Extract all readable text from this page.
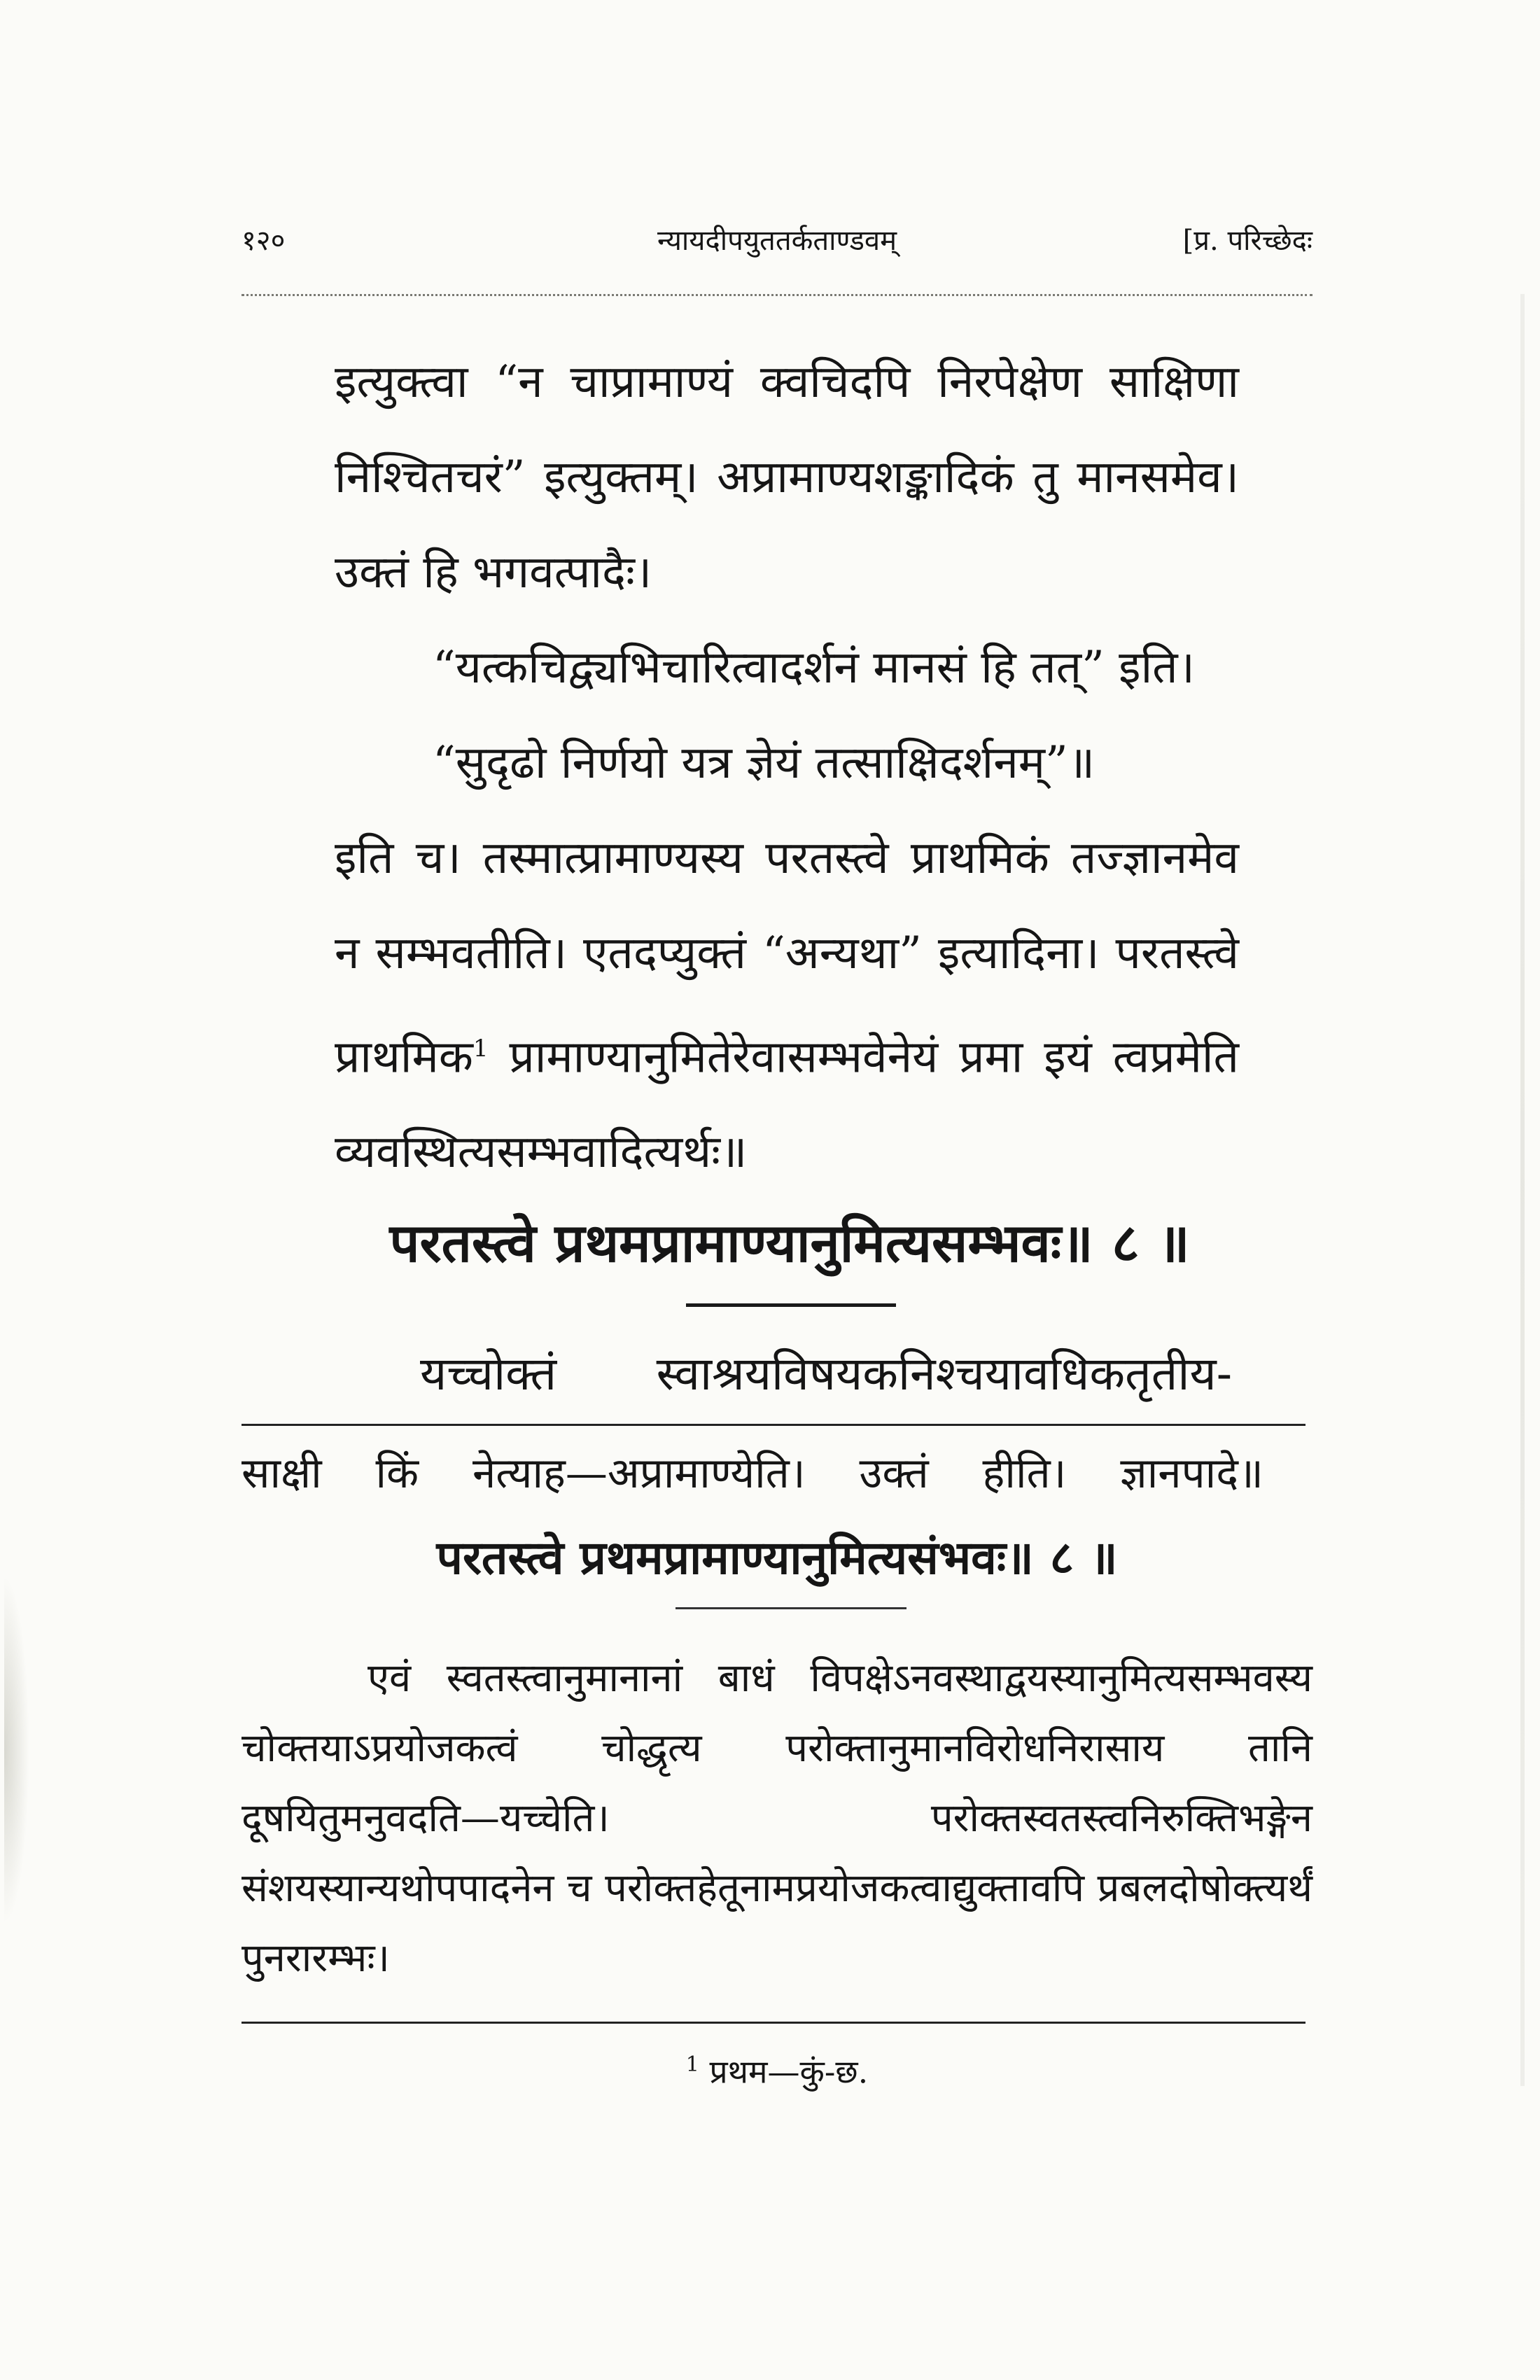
१२०	न्यायदीपयुततर्कताण्डवम्	[प्र. परिच्छेदः

इत्युक्त्वा “न चाप्रामाण्यं क्वचिदपि निरपेक्षेण साक्षिणा निश्चितचरं” इत्युक्तम्। अप्रामाण्यशङ्कादिकं तु मानसमेव। उक्तं हि भगवत्पादैः।

“यत्कचिद्व्यभिचारित्वादर्शनं मानसं हि तत्” इति।

“सुदृढो निर्णयो यत्र ज्ञेयं तत्साक्षिदर्शनम्”॥

इति च। तस्मात्प्रामाण्यस्य परतस्त्वे प्राथमिकं तज्ज्ञानमेव न सम्भवतीति। एतदप्युक्तं “अन्यथा” इत्यादिना। परतस्त्वे प्राथमिक$^1$ प्रामाण्यानुमितेरेवासम्भवेनेयं प्रमा इयं त्वप्रमेति व्यवस्थित्यसम्भवादित्यर्थः॥

परतस्त्वे प्रथमप्रामाण्यानुमित्यसम्भवः॥ ८ ॥
यच्चोक्तं स्वाश्रयविषयकनिश्चयावधिकतृतीय-
साक्षी किं नेत्याह—अप्रामाण्येति। उक्तं हीति। ज्ञानपादे॥
परतस्त्वे प्रथमप्रामाण्यानुमित्यसंभवः॥ ८ ॥

एवं स्वतस्त्वानुमानानां बाधं विपक्षेऽनवस्थाद्वयस्यानुमित्यसम्भवस्य चोक्तयाऽप्रयोजकत्वं चोद्धृत्य परोक्तानुमानविरोधनिरासाय तानि दूषयितुमनुवदति—यच्चेति। परोक्तस्वतस्त्वनिरुक्तिभङ्गेन संशयस्यान्यथोपपादनेन च परोक्तहेतूनामप्रयोजकत्वाद्युक्तावपि प्रबलदोषोक्त्यर्थं पुनरारम्भः।

$^1$ प्रथम—कुं-छ.
